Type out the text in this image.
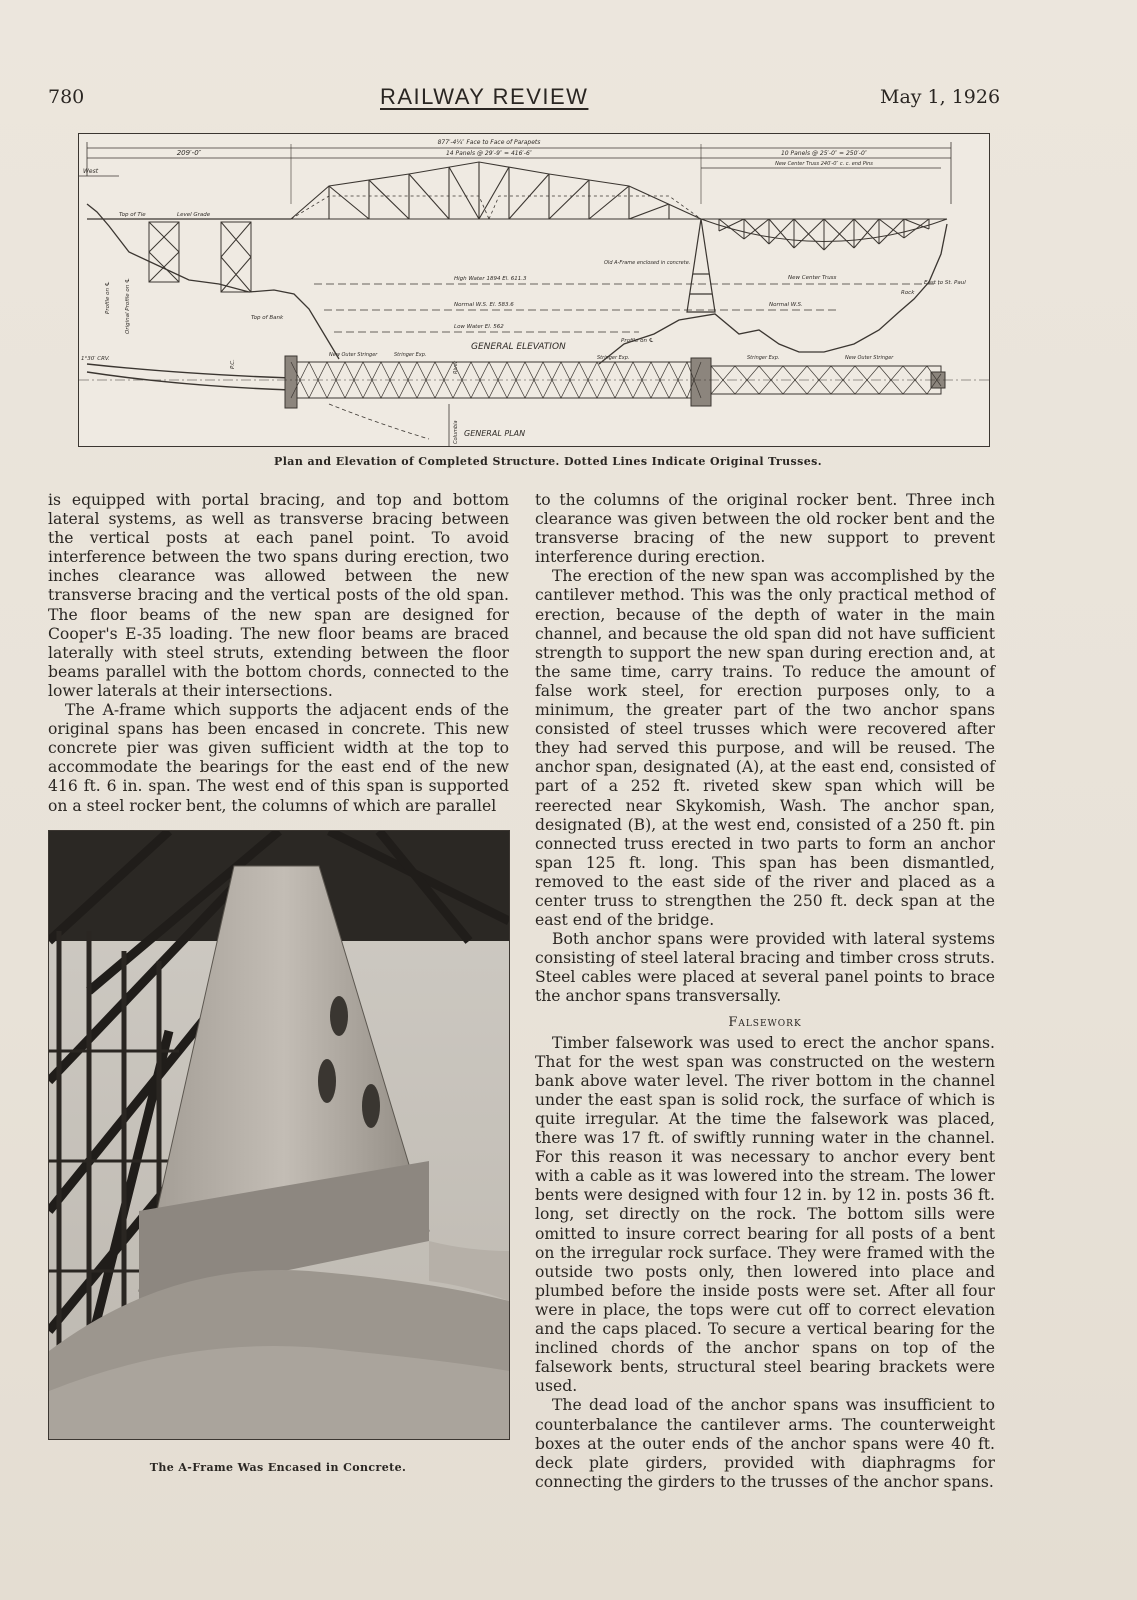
780	RAILWAY REVIEW	May 1, 1926
877′-4¼″ Face to Face of Parapets
14 Panels @ 29′-9″ = 416′-6″
209′-0″	10 Panels @ 25′-0″ = 250′-0″
New Center Truss 240′-0″ c. c. end Pins
West
Top of Tie	Level Grade
Old A-Frame enclosed in concrete.
High Water 1894 El. 611.3
Normal W.S. El. 583.6
Low Water El. 562
GENERAL ELEVATION
New Center Truss
Rock
East to St. Paul
Normal W.S.
Profile on ℄
Profile on ℄	Original Profile on ℄	Top of Bank
P.C.
New Outer Stringer	Stringer Exp.
River
Columbia
Stringer Exp.	Stringer Exp.	New Outer Stringer
1°30′ CRV.
GENERAL PLAN
Plan and Elevation of Completed Structure. Dotted Lines Indicate Original Trusses.

is equipped with portal bracing, and top and bottom lateral systems, as well as transverse bracing between the vertical posts at each panel point. To avoid interference between the two spans during erection, two inches clearance was allowed between the new transverse bracing and the vertical posts of the old span. The floor beams of the new span are designed for Cooper's E-35 loading. The new floor beams are braced laterally with steel struts, extending between the floor beams parallel with the bottom chords, connected to the lower laterals at their intersections.

The A-frame which supports the adjacent ends of the original spans has been encased in concrete. This new concrete pier was given sufficient width at the top to accommodate the bearings for the east end of the new 416 ft. 6 in. span. The west end of this span is supported on a steel rocker bent, the columns of which are parallel

The A-Frame Was Encased in Concrete.

to the columns of the original rocker bent. Three inch clearance was given between the old rocker bent and the transverse bracing of the new support to prevent interference during erection.

The erection of the new span was accomplished by the cantilever method. This was the only practical method of erection, because of the depth of water in the main channel, and because the old span did not have sufficient strength to support the new span during erection and, at the same time, carry trains. To reduce the amount of false work steel, for erection purposes only, to a minimum, the greater part of the two anchor spans consisted of steel trusses which were recovered after they had served this purpose, and will be reused. The anchor span, designated (A), at the east end, consisted of part of a 252 ft. riveted skew span which will be reerected near Skykomish, Wash. The anchor span, designated (B), at the west end, consisted of a 250 ft. pin connected truss erected in two parts to form an anchor span 125 ft. long. This span has been dismantled, removed to the east side of the river and placed as a center truss to strengthen the 250 ft. deck span at the east end of the bridge.

Both anchor spans were provided with lateral systems consisting of steel lateral bracing and timber cross struts. Steel cables were placed at several panel points to brace the anchor spans transversally.

Falsework

Timber falsework was used to erect the anchor spans. That for the west span was constructed on the western bank above water level. The river bottom in the channel under the east span is solid rock, the surface of which is quite irregular. At the time the falsework was placed, there was 17 ft. of swiftly running water in the channel. For this reason it was necessary to anchor every bent with a cable as it was lowered into the stream. The lower bents were designed with four 12 in. by 12 in. posts 36 ft. long, set directly on the rock. The bottom sills were omitted to insure correct bearing for all posts of a bent on the irregular rock surface. They were framed with the outside two posts only, then lowered into place and plumbed before the inside posts were set. After all four were in place, the tops were cut off to correct elevation and the caps placed. To secure a vertical bearing for the inclined chords of the anchor spans on top of the falsework bents, structural steel bearing brackets were used.

The dead load of the anchor spans was insufficient to counterbalance the cantilever arms. The counterweight boxes at the outer ends of the anchor spans were 40 ft. deck plate girders, provided with diaphragms for connecting the girders to the trusses of the anchor spans.
